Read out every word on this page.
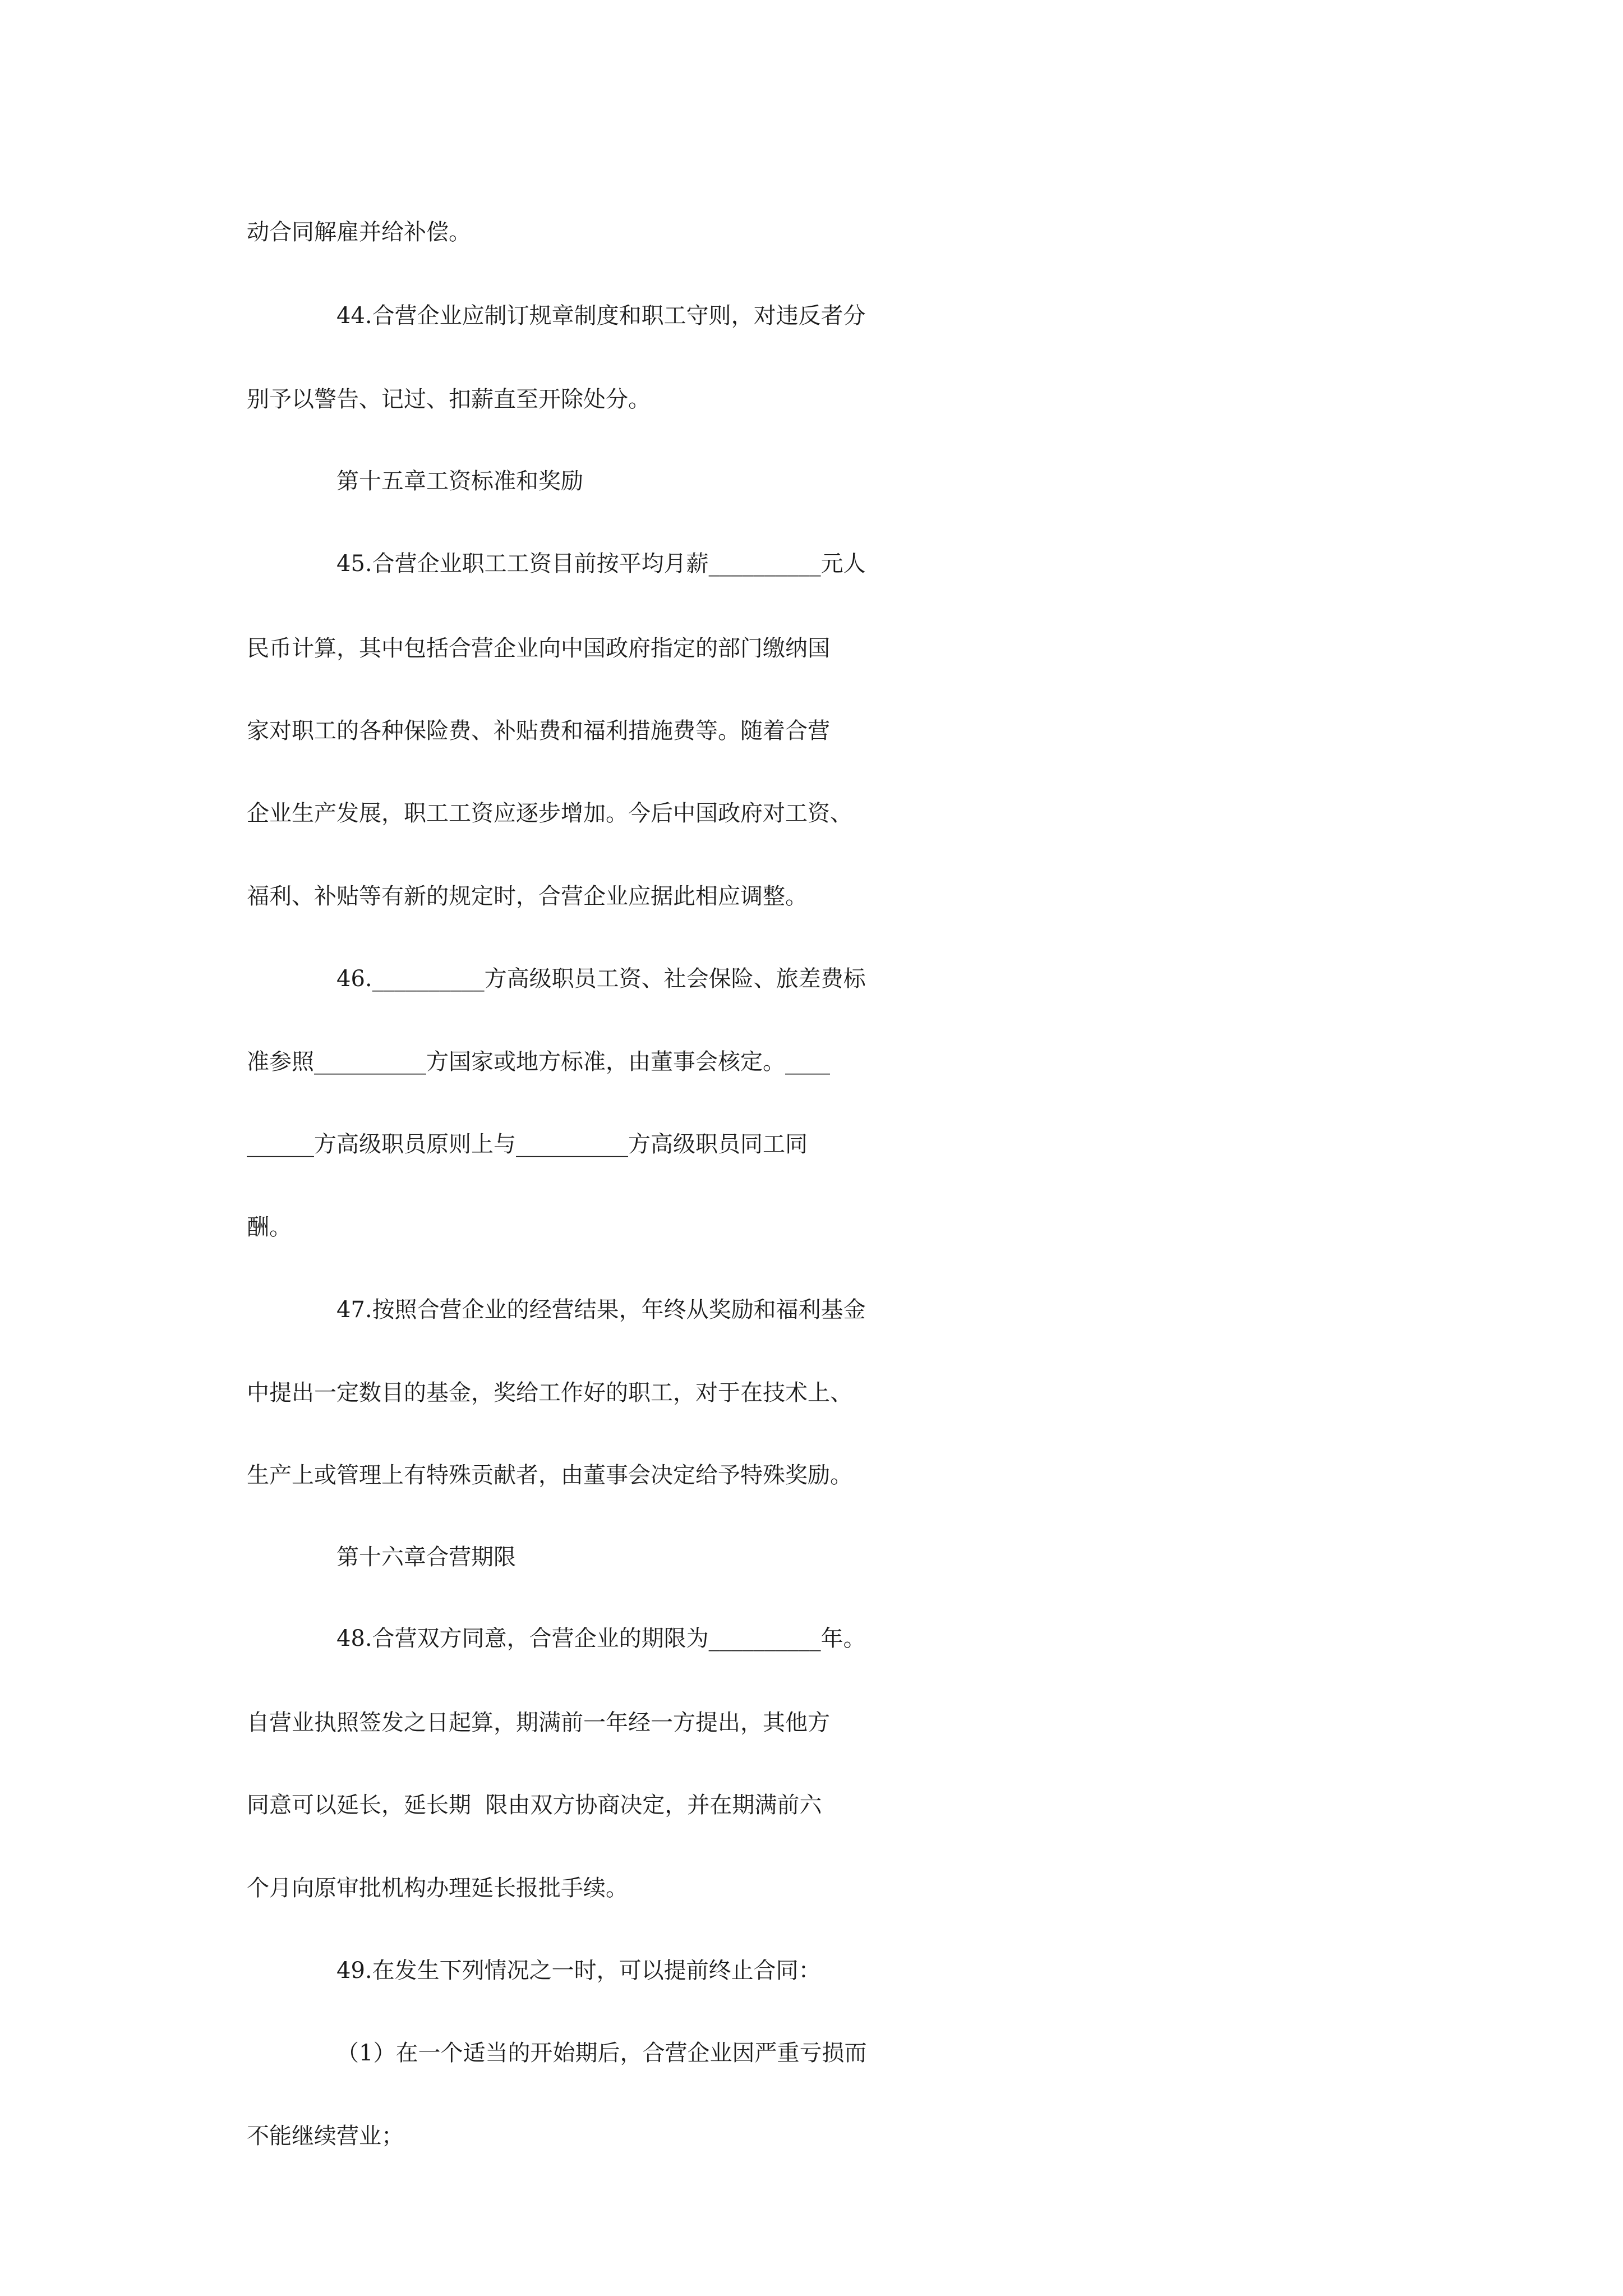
动合同解雇并给补偿。
44.合营企业应制订规章制度和职工守则，对违反者分
别予以警告、记过、扣薪直至开除处分。
第十五章工资标准和奖励
45.合营企业职工工资目前按平均月薪__________元人
民币计算，其中包括合营企业向中国政府指定的部门缴纳国
家对职工的各种保险费、补贴费和福利措施费等。随着合营
企业生产发展，职工工资应逐步增加。今后中国政府对工资、
福利、补贴等有新的规定时，合营企业应据此相应调整。
46.__________方高级职员工资、社会保险、旅差费标
准参照__________方国家或地方标准，由董事会核定。____
______方高级职员原则上与__________方高级职员同工同
酬。
47.按照合营企业的经营结果，年终从奖励和福利基金
中提出一定数目的基金，奖给工作好的职工，对于在技术上、
生产上或管理上有特殊贡献者，由董事会决定给予特殊奖励。
第十六章合营期限
48.合营双方同意，合营企业的期限为__________年。
自营业执照签发之日起算，期满前一年经一方提出，其他方
同意可以延长，延长期  限由双方协商决定，并在期满前六
个月向原审批机构办理延长报批手续。
49.在发生下列情况之一时，可以提前终止合同：
（1）在一个适当的开始期后，合营企业因严重亏损而
不能继续营业；
